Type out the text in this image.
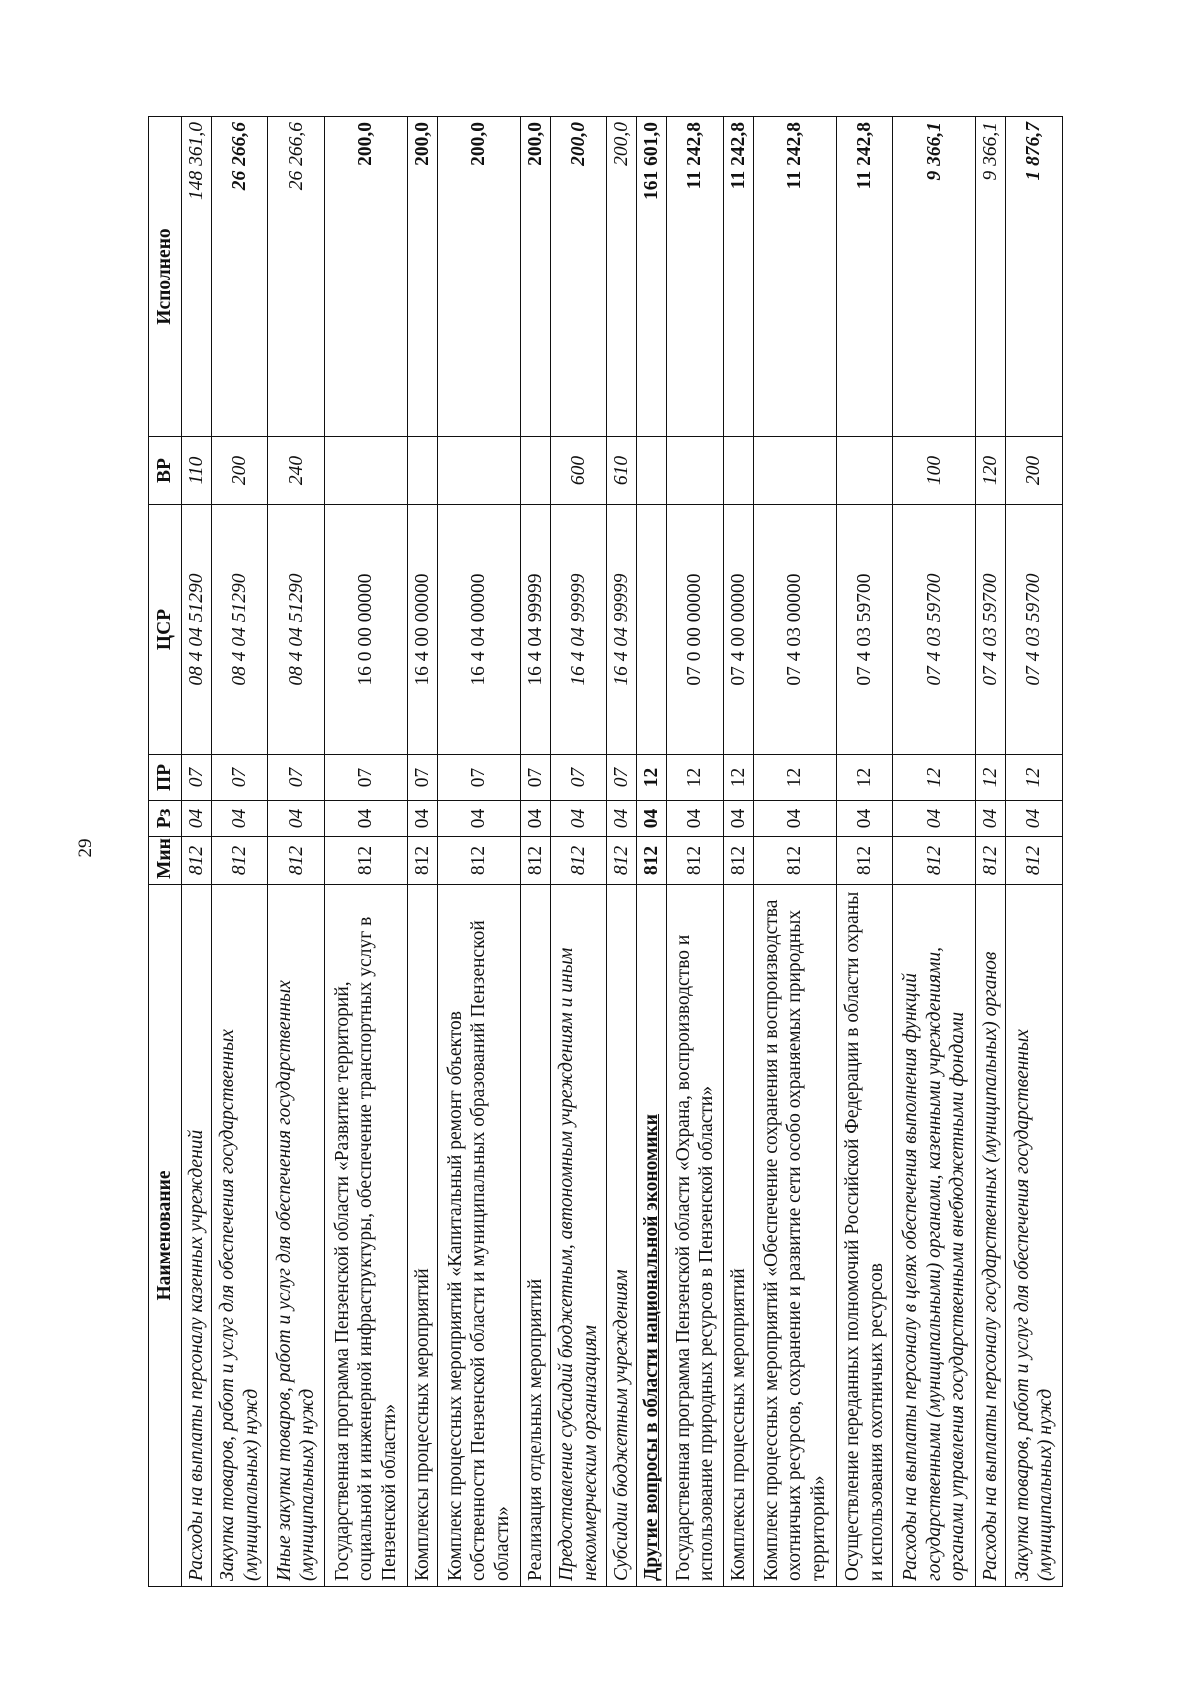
29
Наименование	Мин	Рз	ПР	ЦСР	ВР	Исполнено
Расходы на выплаты персоналу казенных учреждений	812	04	07	08 4 04 51290	110	148 361,0
Закупка товаров, работ и услуг для обеспечения государственных (муниципальных) нужд	812	04	07	08 4 04 51290	200	26 266,6
Иные закупки товаров, работ и услуг для обеспечения государственных (муниципальных) нужд	812	04	07	08 4 04 51290	240	26 266,6
Государственная программа Пензенской области «Развитие территорий, социальной и инженерной инфраструктуры, обеспечение транспортных услуг в Пензенской области»	812	04	07	16 0 00 00000		200,0
Комплексы процессных мероприятий	812	04	07	16 4 00 00000		200,0
Комплекс процессных мероприятий «Капитальный ремонт объектов собственности Пензенской области и муниципальных образований Пензенской области»	812	04	07	16 4 04 00000		200,0
Реализация отдельных мероприятий	812	04	07	16 4 04 99999		200,0
Предоставление субсидий бюджетным, автономным учреждениям и иным некоммерческим организациям	812	04	07	16 4 04 99999	600	200,0
Субсидии бюджетным учреждениям	812	04	07	16 4 04 99999	610	200,0
Другие вопросы в области национальной экономики	812	04	12			161 601,0
Государственная программа Пензенской области «Охрана, воспроизводство и использование природных ресурсов в Пензенской области»	812	04	12	07 0 00 00000		11 242,8
Комплексы процессных мероприятий	812	04	12	07 4 00 00000		11 242,8
Комплекс процессных мероприятий «Обеспечение сохранения и воспроизводства охотничьих ресурсов, сохранение и развитие сети особо охраняемых природных территорий»	812	04	12	07 4 03 00000		11 242,8
Осуществление переданных полномочий Российской Федерации в области охраны и использования охотничьих ресурсов	812	04	12	07 4 03 59700		11 242,8
Расходы на выплаты персоналу в целях обеспечения выполнения функций государственными (муниципальными) органами, казенными учреждениями, органами управления государственными внебюджетными фондами	812	04	12	07 4 03 59700	100	9 366,1
Расходы на выплаты персоналу государственных (муниципальных) органов	812	04	12	07 4 03 59700	120	9 366,1
Закупка товаров, работ и услуг для обеспечения государственных (муниципальных) нужд	812	04	12	07 4 03 59700	200	1 876,7
